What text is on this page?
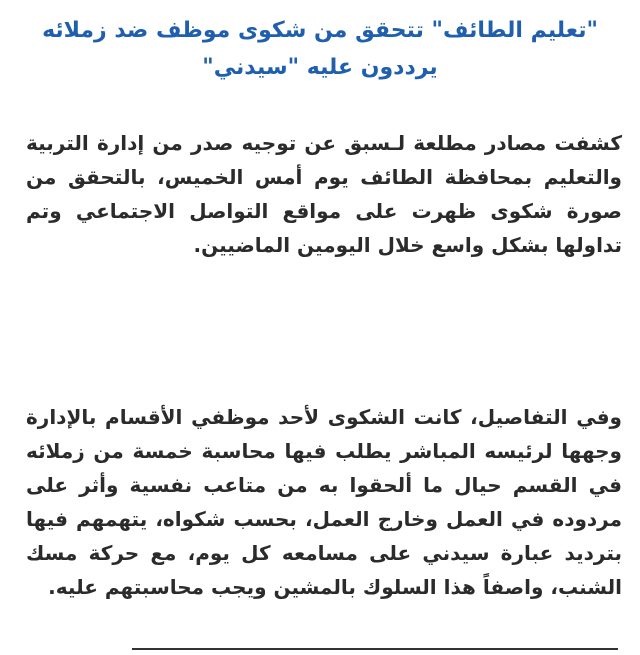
"تعليم الطائف" تتحقق من شكوى موظف ضد زملائه يرددون عليه "سيدني"

كشفت مصادر مطلعة لـسبق عن توجيه صدر من إدارة التربية والتعليم بمحافظة الطائف يوم أمس الخميس، بالتحقق من صورة شكوى ظهرت على مواقع التواصل الاجتماعي وتم تداولها بشكل واسع خلال اليومين الماضيين.

وفي التفاصيل، كانت الشكوى لأحد موظفي الأقسام بالإدارة وجهها لرئيسه المباشر يطلب فيها محاسبة خمسة من زملائه في القسم حيال ما ألحقوا به من متاعب نفسية وأثر على مردوده في العمل وخارج العمل، بحسب شكواه، يتهمهم فيها بترديد عبارة سيدني على مسامعه كل يوم، مع حركة مسك الشنب، واصفاً هذا السلوك بالمشين ويجب محاسبتهم عليه.
